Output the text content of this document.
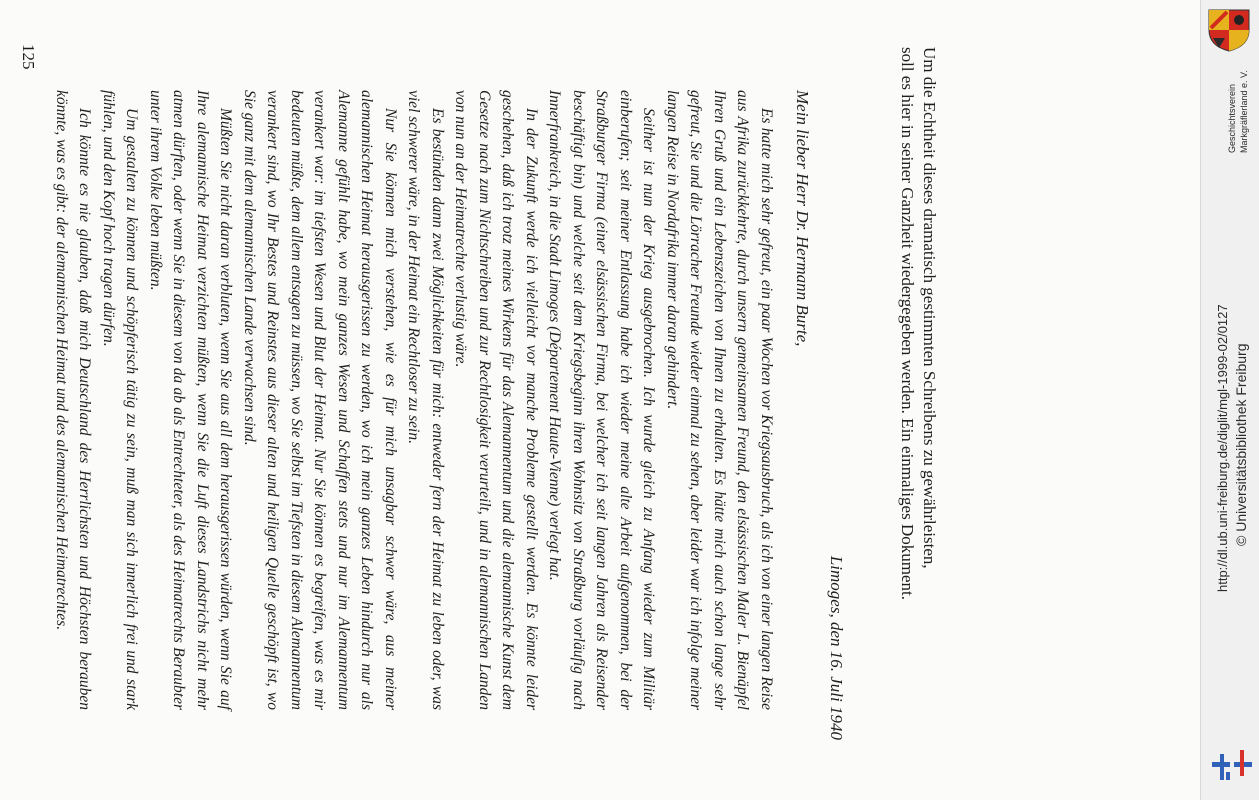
Um die Echtheit dieses dramatisch gestimmten Schreibens zu gewährleisten,

soll es hier in seiner Ganzheit wiedergegeben werden. Ein einmaliges Dokument.

Limoges, den 16. Juli 1940
Mein lieber Herr Dr. Hermann Burte,

Es hatte mich sehr gefreut, ein paar Wochen vor Kriegsausbruch, als ich von einer langen Reise aus Afrika zurückkehrte, durch unsern gemeinsamen Freund, den elsässischen Maler L. Bienäpfel Ihren Gruß und ein Lebenszeichen von Ihnen zu erhalten. Es hätte mich auch schon lange sehr gefreut, Sie und die Lörracher Freunde wieder einmal zu sehen, aber leider war ich infolge meiner langen Reise in Nordafrika immer daran gehindert.

Seither ist nun der Krieg ausgebrochen. Ich wurde gleich zu Anfang wieder zum Militär einberufen; seit meiner Entlassung habe ich wieder meine alte Arbeit aufgenommen, bei der Straßburger Firma (einer elsässischen Firma, bei welcher ich seit langen Jahren als Reisender beschäftigt bin) und welche seit dem Kriegsbeginn ihren Wohnsitz von Straßburg vorläufig nach Innerfrankreich, in die Stadt Limoges (Département Haute-Vienne) verlegt hat.

In der Zukunft werde ich vielleicht vor manche Probleme gestellt werden. Es könnte leider geschehen, daß ich trotz meines Wirkens für das Alemannentum und die alemannische Kunst dem Gesetze nach zum Nichtschreiben und zur Rechtlosigkeit verurteilt, und in alemannischen Landen von nun an der Heimatrechte verlustig wäre.

Es bestünden dann zwei Möglichkeiten für mich: entweder fern der Heimat zu leben oder, was viel schwerer wäre, in der Heimat ein Rechtloser zu sein.

Nur Sie können mich verstehen, wie es für mich unsagbar schwer wäre, aus meiner alemannischen Heimat herausgerissen zu werden, wo ich mein ganzes Leben hindurch nur als Alemanne gefühlt habe, wo mein ganzes Wesen und Schaffen stets und nur im Alemannentum verankert war: im tiefsten Wesen und Blut der Heimat. Nur Sie können es begreifen, was es mir bedeuten müßte, dem allem entsagen zu müssen, wo Sie selbst im Tiefsten in diesem Alemannentum verankert sind, wo Ihr Bestes und Reinstes aus dieser alten und heiligen Quelle geschöpft ist, wo Sie ganz mit dem alemannischen Lande verwachsen sind.

Müßten Sie nicht daran verbluten, wenn Sie aus all dem herausgerissen würden, wenn Sie auf Ihre alemannische Heimat verzichten müßten, wenn Sie die Luft dieses Landstrichs nicht mehr atmen dürften, oder wenn Sie in diesem von da ab als Entrechteter, als des Heimatrechts Beraubter unter ihrem Volke leben müßten.

Um gestalten zu können und schöpferisch tätig zu sein, muß man sich innerlich frei und stark fühlen, und den Kopf hoch tragen dürfen.

Ich könnte es nie glauben, daß mich Deutschland des Herrlichsten und Höchsten berauben könnte, was es gibt: der alemannischen Heimat und des alemannischen Heimatrechtes.

125
Geschichtsverein Markgräflerland e. V.
http://dl.ub.uni-freiburg.de/diglit/mgl-1999-02/0127 © Universitätsbibliothek Freiburg
